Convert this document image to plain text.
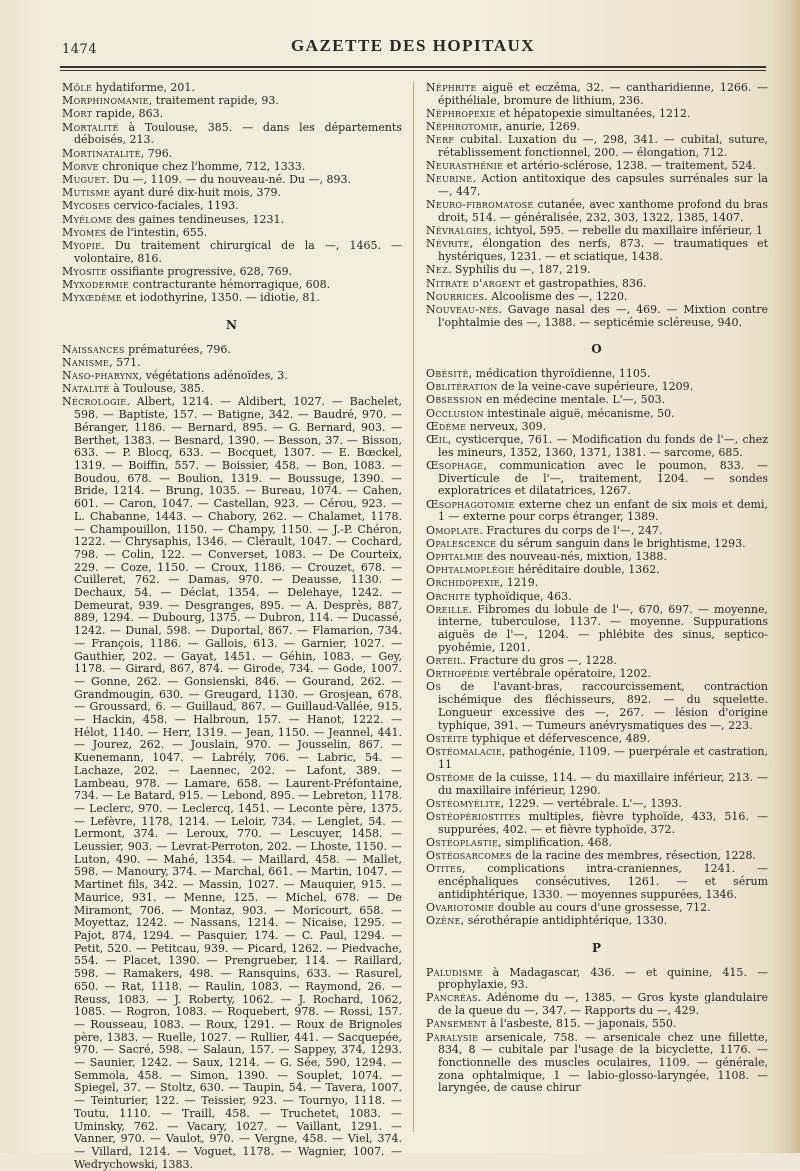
1474	GAZETTE DES HOPITAUX

Môle hydatiforme, 201.

Morphinomanie, traitement rapide, 93.

Mort rapide, 863.

Mortalité à Toulouse, 385. — dans les départements déboisés, 213.

Mortinatalité, 796.

Morve chronique chez l'homme, 712, 1333.

Muguet. Du —, 1109. — du nouveau-né. Du —, 893.

Mutisme ayant duré dix-huit mois, 379.

Mycoses cervico-faciales, 1193.

Myélome des gaines tendineuses, 1231.

Myomes de l'intestin, 655.

Myopie. Du traitement chirurgical de la —, 1465. — volontaire, 816.

Myosite ossifiante progressive, 628, 769.

Myxodermie contracturante hémorragique, 608.

Myxœdème et iodothyrine, 1350. — idiotie, 81.

N

Naissances prématurées, 796.

Nanisme, 571.

Naso-pharynx, végétations adénoïdes, 3.

Natalité à Toulouse, 385.

Nécrologie. Albert, 1214. — Aldibert, 1027. — Bachelet, 598. — Baptiste, 157. — Batigne, 342. — Baudré, 970. — Béranger, 1186. — Bernard, 895. — G. Bernard, 903. — Berthet, 1383. — Besnard, 1390. — Besson, 37. — Bisson, 633. — P. Blocq, 633. — Bocquet, 1307. — E. Bœckel, 1319. — Boiffin, 557. — Boissier, 458. — Bon, 1083. — Boudou, 678. — Boulion, 1319. — Boussuge, 1390. — Bride, 1214. — Brung, 1035. — Bureau, 1074. — Cahen, 601. — Caron, 1047. — Castellan, 923. — Cérou, 923. — L. Chabanne, 1443. — Chabory, 262. — Chalamet, 1178. — Champouillon, 1150. — Champy, 1150. — J.-P. Chéron, 1222. — Chrysaphis, 1346. — Clérault, 1047. — Cochard, 798. — Colin, 122. — Converset, 1083. — De Courteix, 229. — Coze, 1150. — Croux, 1186. — Crouzet, 678. — Cuilleret, 762. — Damas, 970. — Deausse, 1130. — Dechaux, 54. — Déclat, 1354. — Delehaye, 1242. — Demeurat, 939. — Desgranges, 895. — A. Desprès, 887, 889, 1294. — Dubourg, 1375. — Dubron, 114. — Ducassé, 1242. — Dunal, 598. — Duportal, 867. — Flamarion, 734. — François, 1186. — Gallois, 613. — Garnier, 1027. — Gauthier, 202. — Gayat, 1451. — Géhin, 1083. — Gey, 1178. — Girard, 867, 874. — Girode, 734. — Gode, 1007. — Gonne, 262. — Gonsienski, 846. — Gourand, 262. — Grandmougin, 630. — Greugard, 1130. — Grosjean, 678. — Groussard, 6. — Guillaud, 867. — Guillaud-Vallée, 915. — Hackin, 458. — Halbroun, 157. — Hanot, 1222. — Hélot, 1140. — Herr, 1319. — Jean, 1150. — Jeannel, 441. — Jourez, 262. — Jouslain, 970. — Jousselin, 867. — Kuenemann, 1047. — Labrély, 706. — Labric, 54. — Lachaze, 202. — Laennec, 202. — Lafont, 389. — Lambeau, 978. — Lamare, 658. — Laurent-Préfontaine, 734. — Le Batard, 915. — Lebond, 895. — Lebreton, 1178. — Leclerc, 970. — Leclercq, 1451. — Leconte père, 1375. — Lefèvre, 1178, 1214. — Leloir, 734. — Lenglet, 54. — Lermont, 374. — Leroux, 770. — Lescuyer, 1458. — Leussier, 903. — Levrat-Perroton, 202. — Lhoste, 1150. — Luton, 490. — Mahé, 1354. — Maillard, 458. — Mallet, 598. — Manoury, 374. — Marchal, 661. — Martin, 1047. — Martinet fils, 342. — Massin, 1027. — Mauquier, 915. — Maurice, 931. — Menne, 125. — Michel, 678. — De Miramont, 706. — Montaz, 903. — Moricourt, 658. — Moyettaz, 1242. — Nassans, 1214. — Nicaise, 1295. — Pajot, 874, 1294. — Pasquier, 174. — C. Paul, 1294. — Petit, 520. — Petitcau, 939. — Picard, 1262. — Piedvache, 554. — Placet, 1390. — Prengrueber, 114. — Raillard, 598. — Ramakers, 498. — Ransquins, 633. — Rasurel, 650. — Rat, 1118. — Raulin, 1083. — Raymond, 26. — Reuss, 1083. — J. Roberty, 1062. — J. Rochard, 1062, 1085. — Rogron, 1083. — Roquebert, 978. — Rossi, 157. — Rousseau, 1083. — Roux, 1291. — Roux de Brignoles père, 1383. — Ruelle, 1027. — Rullier, 441. — Sacquepée, 970. — Sacré, 598. — Salaun, 157. — Sappey, 374, 1293. — Saunier, 1242. — Saux, 1214. — G. Sée, 590, 1294. — Semmola, 458. — Simon, 1390. — Souplet, 1074. — Spiegel, 37. — Stoltz, 630. — Taupin, 54. — Tavera, 1007. — Teinturier, 122. — Teissier, 923. — Tournyo, 1118. — Toutu, 1110. — Traill, 458. — Truchetet, 1083. — Uminsky, 762. — Vacary, 1027. — Vaillant, 1291. — Vanner, 970. — Vaulot, 970. — Vergne, 458. — Viel, 374. — Villard, 1214. — Voguet, 1178. — Wagnier, 1007. — Wedrychowski, 1383.

Néphrite aiguë et eczéma, 32. — cantharidienne, 1266. — épithéliale, bromure de lithium, 236.

Néphropexie et hépatopexie simultanées, 1212.

Néphrotomie, anurie, 1269.

Nerf cubital. Luxation du —, 298, 341. — cubital, suture, rétablissement fonctionnel, 200. — élongation, 712.

Neurasthénie et artério-sclérose, 1238. — traitement, 524.

Neurine. Action antitoxique des capsules surrénales sur la —, 447.

Neuro-fibromatose cutanée, avec xanthome profond du bras droit, 514. — généralisée, 232, 303, 1322, 1385, 1407.

Névralgies, ichtyol, 595. — rebelle du maxillaire inférieur, 1

Névrite, élongation des nerfs, 873. — traumatiques et hystériques, 1231. — et sciatique, 1438.

Nez. Syphilis du —, 187, 219.

Nitrate d'argent et gastropathies, 836.

Nourrices. Alcoolisme des —, 1220.

Nouveau-nés. Gavage nasal des —, 469. — Mixtion contre l'ophtalmie des —, 1388. — septicémie scléreuse, 940.

O

Obésité, médication thyroïdienne, 1105.

Oblitération de la veine-cave supérieure, 1209.

Obsession en médecine mentale. L'—, 503.

Occlusion intestinale aiguë, mécanisme, 50.

Œdème nerveux, 309.

Œil, cysticerque, 761. — Modification du fonds de l'—, chez les mineurs, 1352, 1360, 1371, 1381. — sarcome, 685.

Œsophage, communication avec le poumon, 833. — Diverticule de l'—, traitement, 1204. — sondes exploratrices et dilatatrices, 1267.

Œsophagotomie externe chez un enfant de six mois et demi, 1 — externe pour corps étranger, 1389.

Omoplate. Fractures du corps de l'—, 247.

Opalescence du sérum sanguin dans le brightisme, 1293.

Ophtalmie des nouveau-nés, mixtion, 1388.

Ophtalmoplégie héréditaire double, 1362.

Orchidopexie, 1219.

Orchite typhoïdique, 463.

Oreille. Fibromes du lobule de l'—, 670, 697. — moyenne, interne, tuberculose, 1137. — moyenne. Suppurations aiguës de l'—, 1204. — phlébite des sinus, septico-pyohémie, 1201.

Orteil. Fracture du gros —, 1228.

Orthopédie vertébrale opératoire, 1202.

Os de l'avant-bras, raccourcissement, contraction ischémique des fléchisseurs, 892. — du squelette. Longueur excessive des —, 267. — lésion d'origine typhique, 391. — Tumeurs anévrysmatiques des —, 223.

Ostéite typhique et défervescence, 489.

Ostéomalacie, pathogénie, 1109. — puerpérale et castration, 11

Ostéome de la cuisse, 114. — du maxillaire inférieur, 213. — du maxillaire inférieur, 1290.

Ostéomyélite, 1229. — vertébrale. L'—, 1393.

Ostéopériostites multiples, fièvre typhoïde, 433, 516. — suppurées, 402. — et fièvre typhoïde, 372.

Ostéoplastie, simplification, 468.

Ostéosarcomes de la racine des membres, résection, 1228.

Otites, complications intra-craniennes, 1241. — encéphaliques consécutives, 1261. — et sérum antidiphtérique, 1330. — moyennes suppurées, 1346.

Ovariotomie double au cours d'une grossesse, 712.

Ozène, sérothérapie antidiphtérique, 1330.

P

Paludisme à Madagascar, 436. — et quinine, 415. — prophylaxie, 93.

Pancréas. Adénome du —, 1385. — Gros kyste glandulaire de la queue du —, 347. — Rapports du —, 429.

Pansement à l'asbeste, 815. — japonais, 550.

Paralysie arsenicale, 758. — arsenicale chez une fillette, 834, 8 — cubitale par l'usage de la bicyclette, 1176. — fonctionnelle des muscles oculaires, 1109. — générale, zona ophtalmique, 1 — labio-glosso-laryngée, 1108. — laryngée, de cause chirur
